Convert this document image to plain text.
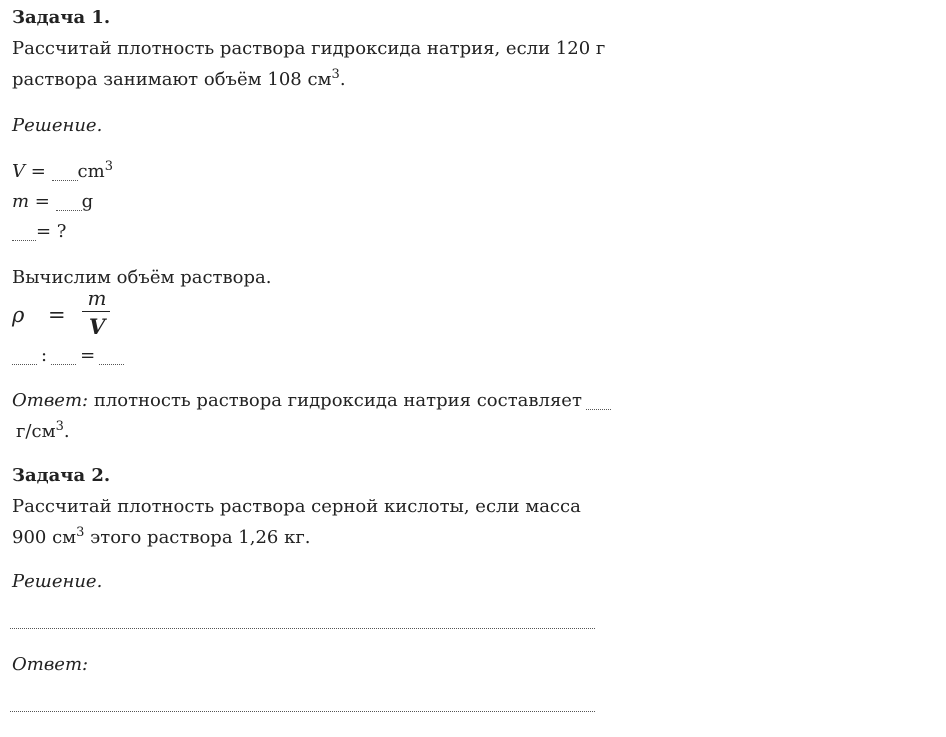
Задача 1.
Рассчитай плотность раствора гидроксида натрия, если 120 г
раствора занимают объём 108 $см^3$.
Решение.
$V = cm^3$
m = g
= ?
Вычислим объём раствора.
ρ =
m
V
: =
Ответ: плотность раствора гидроксида натрия составляет
$г/см^3$.
Задача 2.
Рассчитай плотность раствора серной кислоты, если масса
900 $см^3$ этого раствора 1,26 кг.
Решение.
Ответ:
